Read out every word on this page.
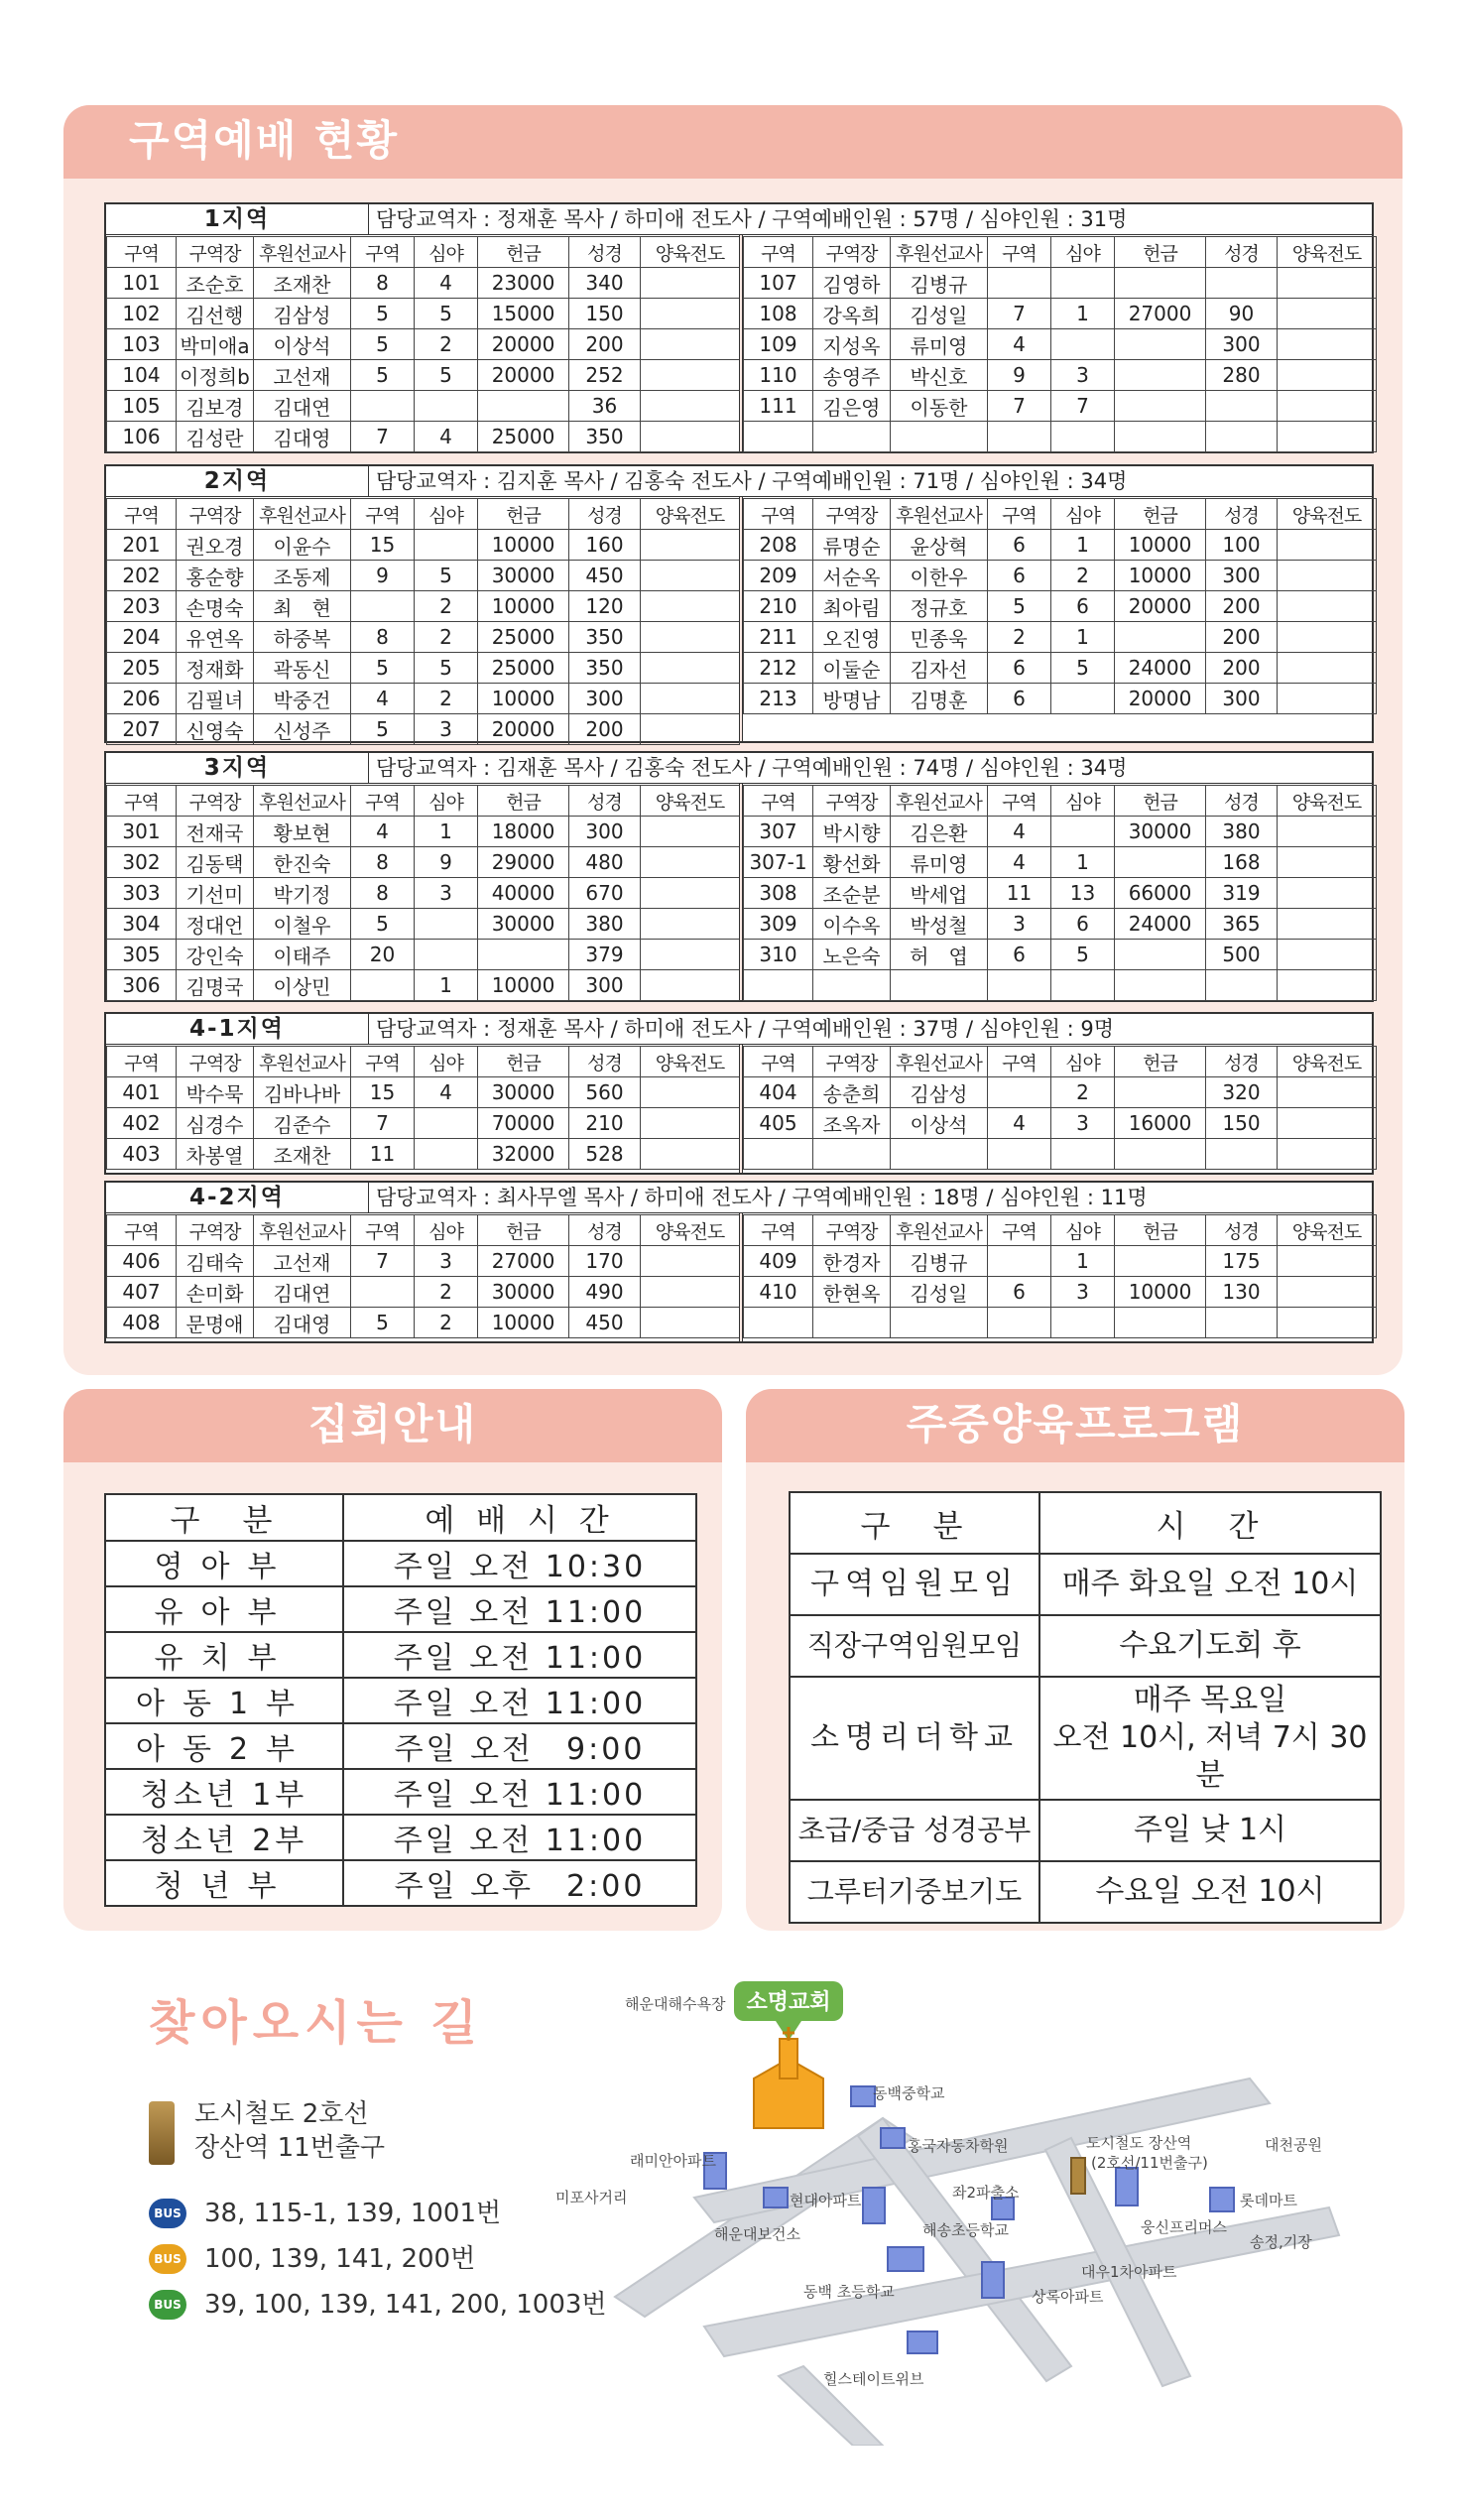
구역예배 현황
1지역	담당교역자 : 정재훈 목사 / 하미애 전도사 / 구역예배인원 : 57명 / 심야인원 : 31명
구역	구역장	후원선교사	구역	심야	헌금	성경	양육전도
101	조순호	조재찬	8	4	23000	340	
102	김선행	김삼성	5	5	15000	150	
103	박미애a	이상석	5	2	20000	200	
104	이정희b	고선재	5	5	20000	252	
105	김보경	김대연				36	
106	김성란	김대영	7	4	25000	350	
구역	구역장	후원선교사	구역	심야	헌금	성경	양육전도
107	김영하	김병규					
108	강옥희	김성일	7	1	27000	90	
109	지성옥	류미영	4			300	
110	송영주	박신호	9	3		280	
111	김은영	이동한	7	7			

2지역	담당교역자 : 김지훈 목사 / 김홍숙 전도사 / 구역예배인원 : 71명 / 심야인원 : 34명
구역	구역장	후원선교사	구역	심야	헌금	성경	양육전도
201	권오경	이윤수	15		10000	160	
202	홍순향	조동제	9	5	30000	450	
203	손명숙	최　현		2	10000	120	
204	유연옥	하중복	8	2	25000	350	
205	정재화	곽동신	5	5	25000	350	
206	김필녀	박중건	4	2	10000	300	
207	신영숙	신성주	5	3	20000	200	
구역	구역장	후원선교사	구역	심야	헌금	성경	양육전도
208	류명순	윤상혁	6	1	10000	100	
209	서순옥	이한우	6	2	10000	300	
210	최아림	정규호	5	6	20000	200	
211	오진영	민종욱	2	1		200	
212	이둘순	김자선	6	5	24000	200	
213	방명남	김명훈	6		20000	300	
3지역	담당교역자 : 김재훈 목사 / 김홍숙 전도사 / 구역예배인원 : 74명 / 심야인원 : 34명
구역	구역장	후원선교사	구역	심야	헌금	성경	양육전도
301	전재국	황보현	4	1	18000	300	
302	김동택	한진숙	8	9	29000	480	
303	기선미	박기정	8	3	40000	670	
304	정대언	이철우	5		30000	380	
305	강인숙	이태주	20			379	
306	김명국	이상민		1	10000	300	
구역	구역장	후원선교사	구역	심야	헌금	성경	양육전도
307	박시향	김은환	4		30000	380	
307-1	황선화	류미영	4	1		168	
308	조순분	박세업	11	13	66000	319	
309	이수옥	박성철	3	6	24000	365	
310	노은숙	허　엽	6	5		500	

4-1지역	담당교역자 : 정재훈 목사 / 하미애 전도사 / 구역예배인원 : 37명 / 심야인원 : 9명
구역	구역장	후원선교사	구역	심야	헌금	성경	양육전도
401	박수묵	김바나바	15	4	30000	560	
402	심경수	김준수	7		70000	210	
403	차봉열	조재찬	11		32000	528	
구역	구역장	후원선교사	구역	심야	헌금	성경	양육전도
404	송춘희	김삼성		2		320	
405	조옥자	이상석	4	3	16000	150	

4-2지역	담당교역자 : 최사무엘 목사 / 하미애 전도사 / 구역예배인원 : 18명 / 심야인원 : 11명
구역	구역장	후원선교사	구역	심야	헌금	성경	양육전도
406	김태숙	고선재	7	3	27000	170	
407	손미화	김대연		2	30000	490	
408	문명애	김대영	5	2	10000	450	
구역	구역장	후원선교사	구역	심야	헌금	성경	양육전도
409	한경자	김병규		1		175	
410	한현옥	김성일	6	3	10000	130	

집회안내
구　분	예 배 시 간
영아부	주일 오전 10:30
유아부	주일 오전 11:00
유치부	주일 오전 11:00
아동1부	주일 오전 11:00
아동2부	주일 오전　9:00
청소년 1부	주일 오전 11:00
청소년 2부	주일 오전 11:00
청년부	주일 오후　2:00
주중양육프로그램
구　분	시　간
구역임원모임	매주 화요일 오전 10시
직장구역임원모임	수요기도회 후
소명리더학교	매주 목요일
오전 10시, 저녁 7시 30분
초급/중급 성경공부	주일 낮 1시
그루터기중보기도	수요일 오전 10시
찾아오시는 길
도시철도 2호선
장산역 11번출구
BUS 38, 115-1, 139, 1001번
BUS 100, 139, 141, 200번
BUS 39, 100, 139, 141, 200, 1003번
소명교회
해운대해수욕장
미포사거리
래미안아파트
동백중학교
홍국자동차학원	도시철도 장산역
(2호선/11번출구)
대천공원
현대아파트	좌2파출소	롯데마트
해운대보건소	해송초등학교	웅신프리머스
송정,기장
대우1차아파트
상록아파트
동백 초등학교
힐스테이트위브
